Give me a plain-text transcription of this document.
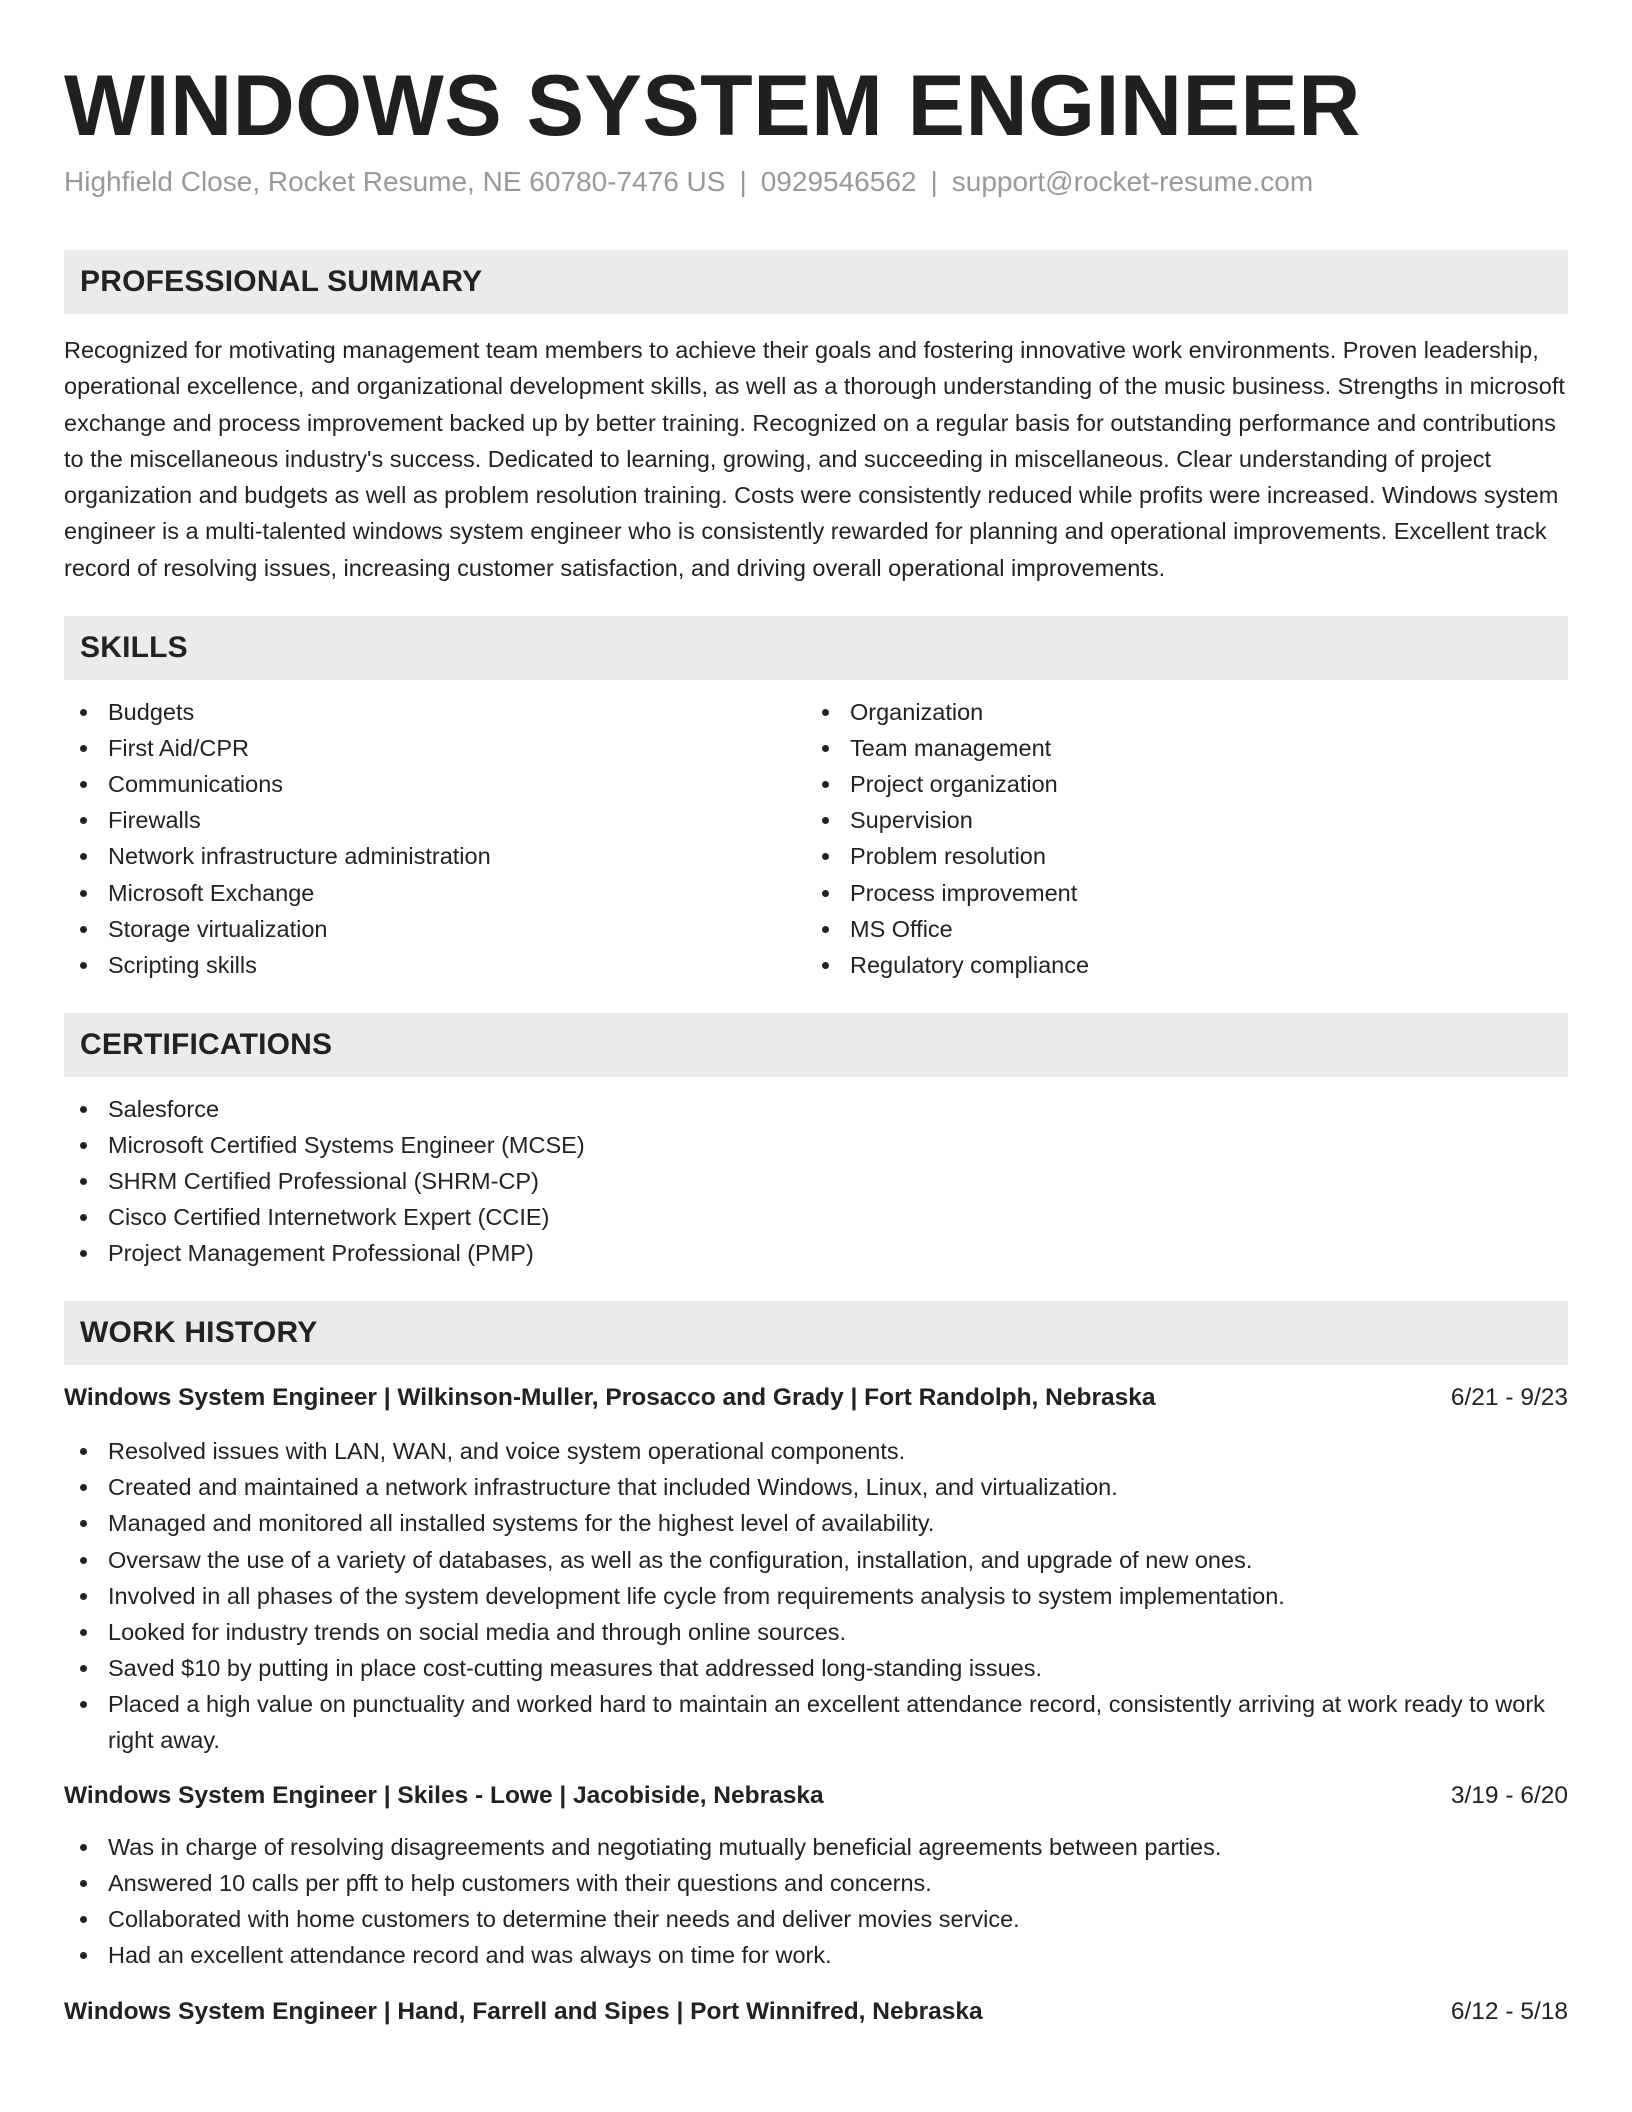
WINDOWS SYSTEM ENGINEER
Highfield Close, Rocket Resume, NE 60780-7476 US | 0929546562 | support@rocket-resume.com
PROFESSIONAL SUMMARY

Recognized for motivating management team members to achieve their goals and fostering innovative work environments. Proven leadership, operational excellence, and organizational development skills, as well as a thorough understanding of the music business. Strengths in microsoft exchange and process improvement backed up by better training. Recognized on a regular basis for outstanding performance and contributions to the miscellaneous industry's success. Dedicated to learning, growing, and succeeding in miscellaneous. Clear understanding of project organization and budgets as well as problem resolution training. Costs were consistently reduced while profits were increased. Windows system engineer is a multi-talented windows system engineer who is consistently rewarded for planning and operational improvements. Excellent track record of resolving issues, increasing customer satisfaction, and driving overall operational improvements.

SKILLS
Budgets
First Aid/CPR
Communications
Firewalls
Network infrastructure administration
Microsoft Exchange
Storage virtualization
Scripting skills
Organization
Team management
Project organization
Supervision
Problem resolution
Process improvement
MS Office
Regulatory compliance
CERTIFICATIONS
Salesforce
Microsoft Certified Systems Engineer (MCSE)
SHRM Certified Professional (SHRM-CP)
Cisco Certified Internetwork Expert (CCIE)
Project Management Professional (PMP)
WORK HISTORY
Windows System Engineer | Wilkinson-Muller, Prosacco and Grady | Fort Randolph, Nebraska	6/21 - 9/23
Resolved issues with LAN, WAN, and voice system operational components.
Created and maintained a network infrastructure that included Windows, Linux, and virtualization.
Managed and monitored all installed systems for the highest level of availability.
Oversaw the use of a variety of databases, as well as the configuration, installation, and upgrade of new ones.
Involved in all phases of the system development life cycle from requirements analysis to system implementation.
Looked for industry trends on social media and through online sources.
Saved $10 by putting in place cost-cutting measures that addressed long-standing issues.
Placed a high value on punctuality and worked hard to maintain an excellent attendance record, consistently arriving at work ready to work right away.
Windows System Engineer | Skiles - Lowe | Jacobiside, Nebraska	3/19 - 6/20
Was in charge of resolving disagreements and negotiating mutually beneficial agreements between parties.
Answered 10 calls per pfft to help customers with their questions and concerns.
Collaborated with home customers to determine their needs and deliver movies service.
Had an excellent attendance record and was always on time for work.
Windows System Engineer | Hand, Farrell and Sipes | Port Winnifred, Nebraska	6/12 - 5/18
